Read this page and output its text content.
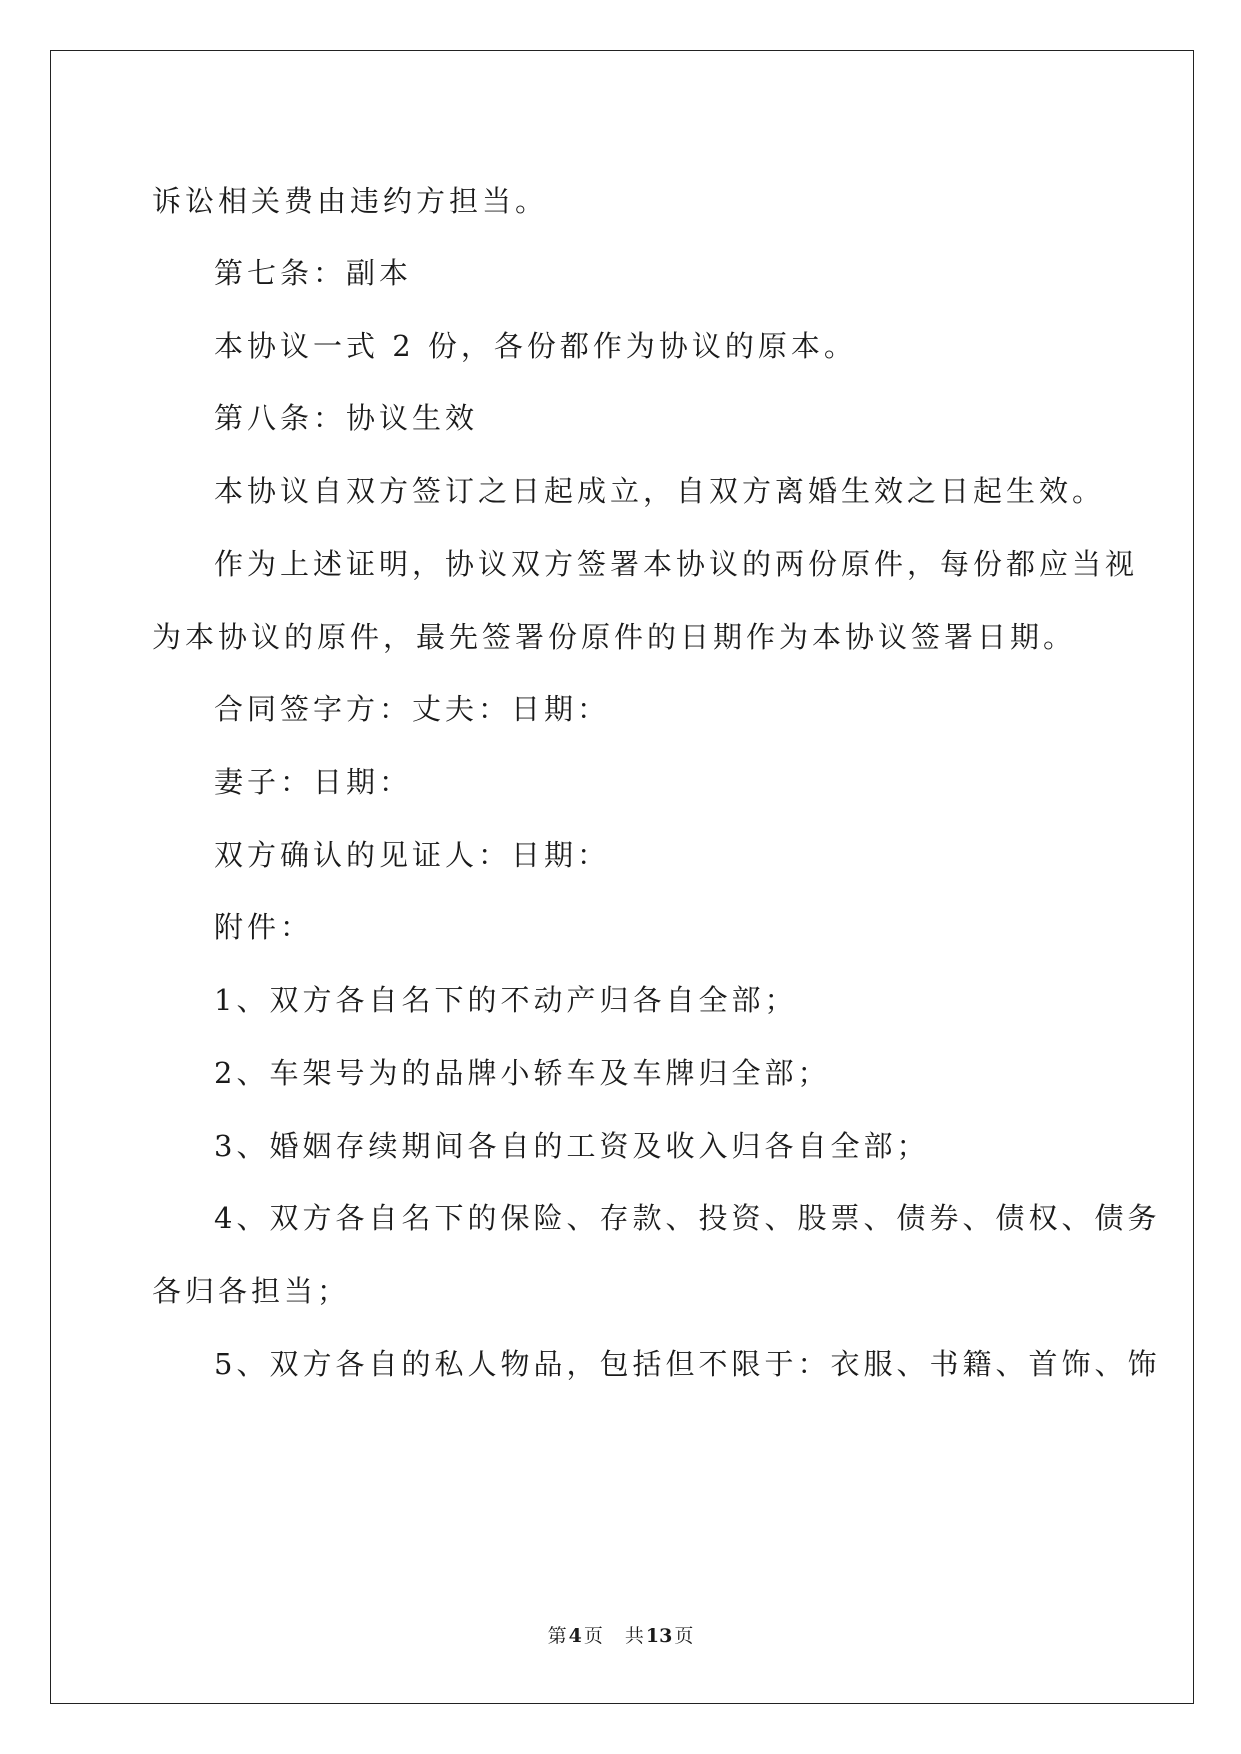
诉讼相关费由违约方担当。

第七条：副本

本协议一式 2 份，各份都作为协议的原本。

第八条：协议生效

本协议自双方签订之日起成立，自双方离婚生效之日起生效。

作为上述证明，协议双方签署本协议的两份原件，每份都应当视

为本协议的原件，最先签署份原件的日期作为本协议签署日期。

合同签字方：丈夫：日期：

妻子：日期：

双方确认的见证人：日期：

附件：

1、双方各自名下的不动产归各自全部；

2、车架号为的品牌小轿车及车牌归全部；

3、婚姻存续期间各自的工资及收入归各自全部；

4、双方各自名下的保险、存款、投资、股票、债券、债权、债务

各归各担当；

5、双方各自的私人物品，包括但不限于：衣服、书籍、首饰、饰

第 4 页 共 13 页
